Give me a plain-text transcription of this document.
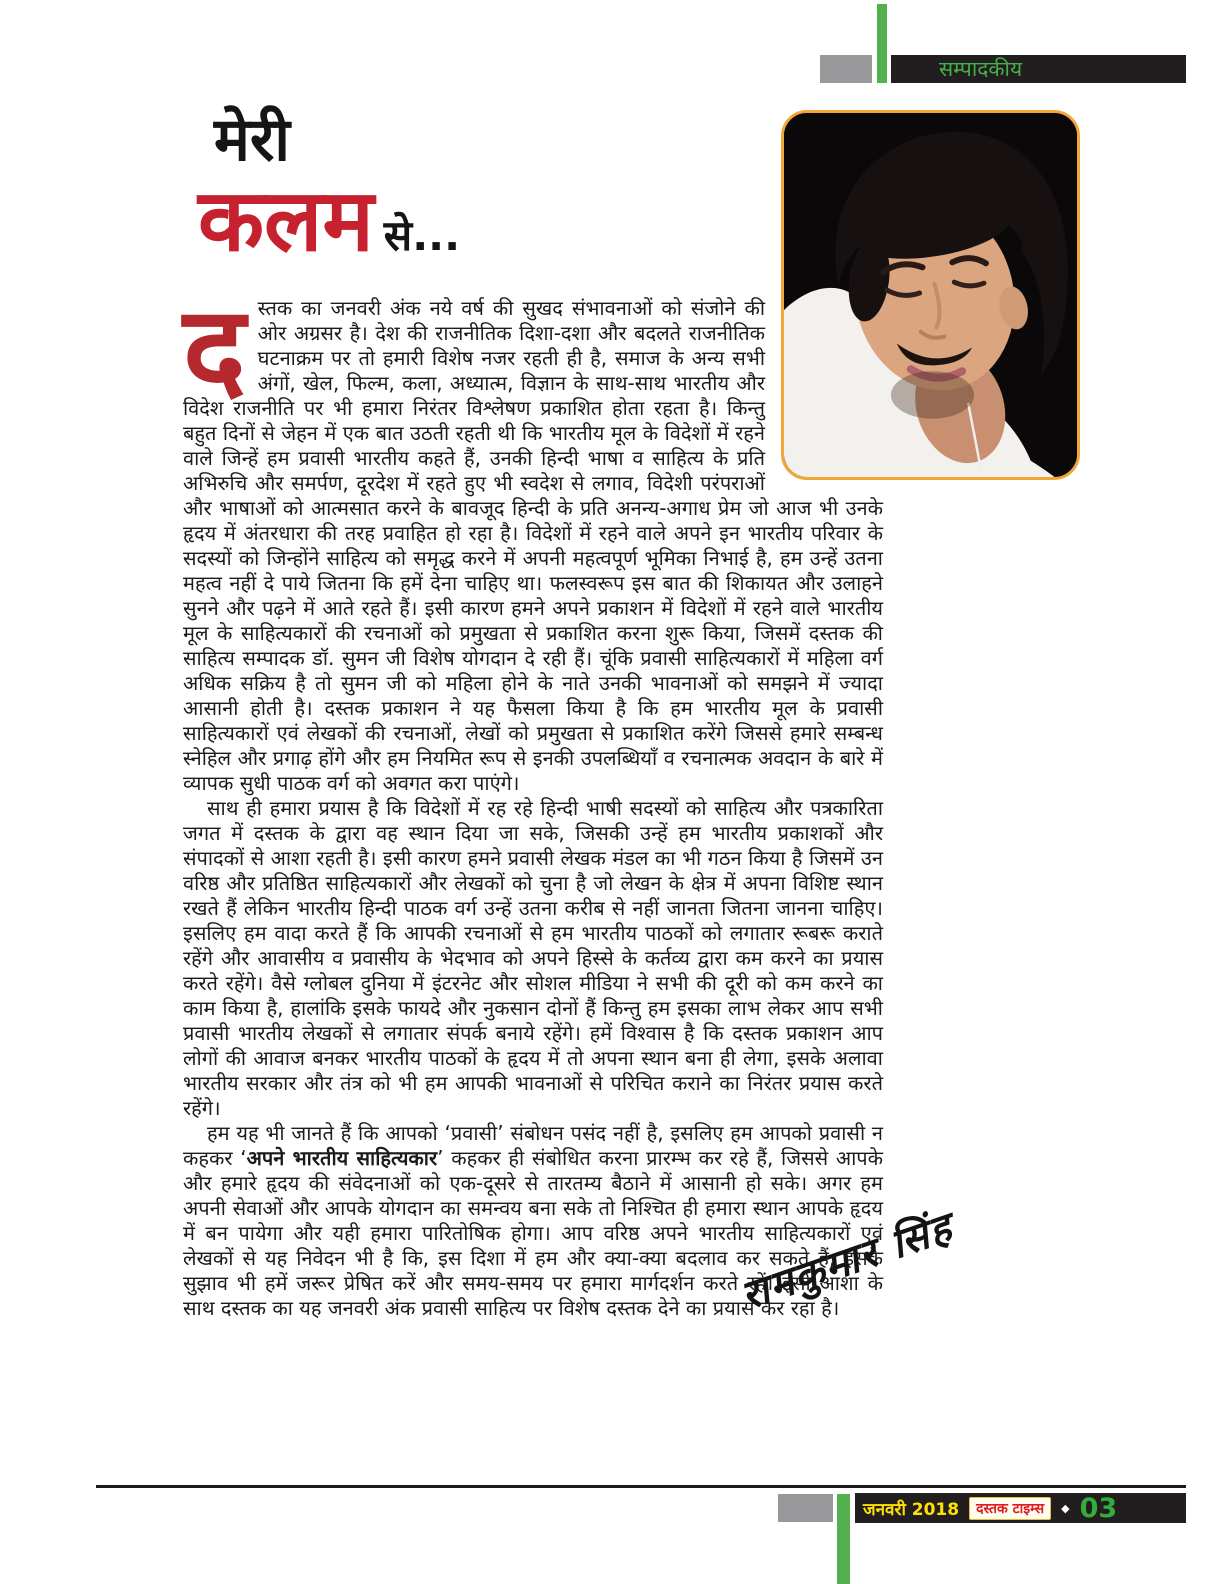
सम्पादकीय
मेरी
कलम से...

द स्तक का जनवरी अंक नये वर्ष की सुखद संभावनाओं को संजोने की ओर अग्रसर है। देश की राजनीतिक दिशा-दशा और बदलते राजनीतिक घटनाक्रम पर तो हमारी विशेष नजर रहती ही है, समाज के अन्य सभी अंगों, खेल, फिल्म, कला, अध्यात्म, विज्ञान के साथ-साथ भारतीय और विदेश राजनीति पर भी हमारा निरंतर विश्लेषण प्रकाशित होता रहता है। किन्तु बहुत दिनों से जेहन में एक बात उठती रहती थी कि भारतीय मूल के विदेशों में रहने वाले जिन्हें हम प्रवासी भारतीय कहते हैं, उनकी हिन्दी भाषा व साहित्य के प्रति अभिरुचि और समर्पण, दूरदेश में रहते हुए भी स्वदेश से लगाव, विदेशी परंपराओं और भाषाओं को आत्मसात करने के बावजूद हिन्दी के प्रति अनन्य-अगाध प्रेम जो आज भी उनके हृदय में अंतरधारा की तरह प्रवाहित हो रहा है। विदेशों में रहने वाले अपने इन भारतीय परिवार के सदस्यों को जिन्होंने साहित्य को समृद्ध करने में अपनी महत्वपूर्ण भूमिका निभाई है, हम उन्हें उतना महत्व नहीं दे पाये जितना कि हमें देना चाहिए था। फलस्वरूप इस बात की शिकायत और उलाहने सुनने और पढ़ने में आते रहते हैं। इसी कारण हमने अपने प्रकाशन में विदेशों में रहने वाले भारतीय मूल के साहित्यकारों की रचनाओं को प्रमुखता से प्रकाशित करना शुरू किया, जिसमें दस्तक की साहित्य सम्पादक डॉ. सुमन जी विशेष योगदान दे रही हैं। चूंकि प्रवासी साहित्यकारों में महिला वर्ग अधिक सक्रिय है तो सुमन जी को महिला होने के नाते उनकी भावनाओं को समझने में ज्यादा आसानी होती है। दस्तक प्रकाशन ने यह फैसला किया है कि हम भारतीय मूल के प्रवासी साहित्यकारों एवं लेखकों की रचनाओं, लेखों को प्रमुखता से प्रकाशित करेंगे जिससे हमारे सम्बन्ध स्नेहिल और प्रगाढ़ होंगे और हम नियमित रूप से इनकी उपलब्धियाँ व रचनात्मक अवदान के बारे में व्यापक सुधी पाठक वर्ग को अवगत करा पाएंगे।

साथ ही हमारा प्रयास है कि विदेशों में रह रहे हिन्दी भाषी सदस्यों को साहित्य और पत्रकारिता जगत में दस्तक के द्वारा वह स्थान दिया जा सके, जिसकी उन्हें हम भारतीय प्रकाशकों और संपादकों से आशा रहती है। इसी कारण हमने प्रवासी लेखक मंडल का भी गठन किया है जिसमें उन वरिष्ठ और प्रतिष्ठित साहित्यकारों और लेखकों को चुना है जो लेखन के क्षेत्र में अपना विशिष्ट स्थान रखते हैं लेकिन भारतीय हिन्दी पाठक वर्ग उन्हें उतना करीब से नहीं जानता जितना जानना चाहिए। इसलिए हम वादा करते हैं कि आपकी रचनाओं से हम भारतीय पाठकों को लगातार रूबरू कराते रहेंगे और आवासीय व प्रवासीय के भेदभाव को अपने हिस्से के कर्तव्य द्वारा कम करने का प्रयास करते रहेंगे। वैसे ग्लोबल दुनिया में इंटरनेट और सोशल मीडिया ने सभी की दूरी को कम करने का काम किया है, हालांकि इसके फायदे और नुकसान दोनों हैं किन्तु हम इसका लाभ लेकर आप सभी प्रवासी भारतीय लेखकों से लगातार संपर्क बनाये रहेंगे। हमें विश्वास है कि दस्तक प्रकाशन आप लोगों की आवाज बनकर भारतीय पाठकों के हृदय में तो अपना स्थान बना ही लेगा, इसके अलावा भारतीय सरकार और तंत्र को भी हम आपकी भावनाओं से परिचित कराने का निरंतर प्रयास करते रहेंगे।

हम यह भी जानते हैं कि आपको ‘प्रवासी’ संबोधन पसंद नहीं है, इसलिए हम आपको प्रवासी न कहकर ‘अपने भारतीय साहित्यकार’ कहकर ही संबोधित करना प्रारम्भ कर रहे हैं, जिससे आपके और हमारे हृदय की संवेदनाओं को एक-दूसरे से तारतम्य बैठाने में आसानी हो सके। अगर हम अपनी सेवाओं और आपके योगदान का समन्वय बना सके तो निश्चित ही हमारा स्थान आपके हृदय में बन पायेगा और यही हमारा पारितोषिक होगा। आप वरिष्ठ अपने भारतीय साहित्यकारों एवं लेखकों से यह निवेदन भी है कि, इस दिशा में हम और क्या-क्या बदलाव कर सकते हैं, इसके सुझाव भी हमें जरूर प्रेषित करें और समय-समय पर हमारा मार्गदर्शन करते रहें। इसी आशा के साथ दस्तक का यह जनवरी अंक प्रवासी साहित्य पर विशेष दस्तक देने का प्रयास कर रहा है।

रामकुमार सिंह
जनवरी 2018	दस्तक टाइम्स	◆ 03
